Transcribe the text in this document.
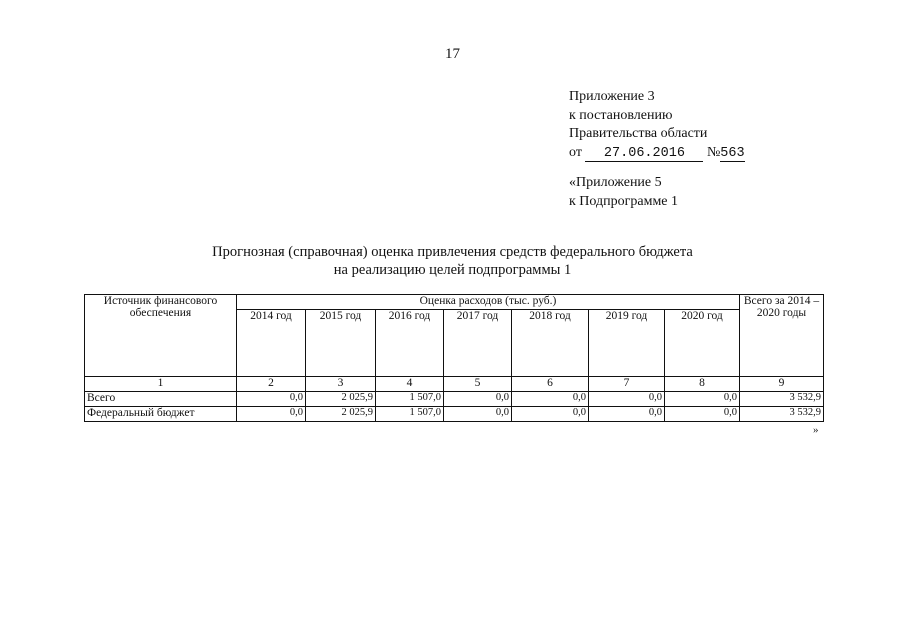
17
Приложение 3
к постановлению
Правительства области
от 27.06.2016 №563
«Приложение 5
к Подпрограмме 1
Прогнозная (справочная) оценка привлечения средств федерального бюджета
на реализацию целей подпрограммы 1
Источник финансового обеспечения	Оценка расходов (тыс. руб.)							Всего за 2014 – 2020 годы
	2014 год	2015 год	2016 год	2017 год	2018 год	2019 год	2020 год	
1	2	3	4	5	6	7	8	9
Всего	0,0	2 025,9	1 507,0	0,0	0,0	0,0	0,0	3 532,9
Федеральный бюджет	0,0	2 025,9	1 507,0	0,0	0,0	0,0	0,0	3 532,9
»
